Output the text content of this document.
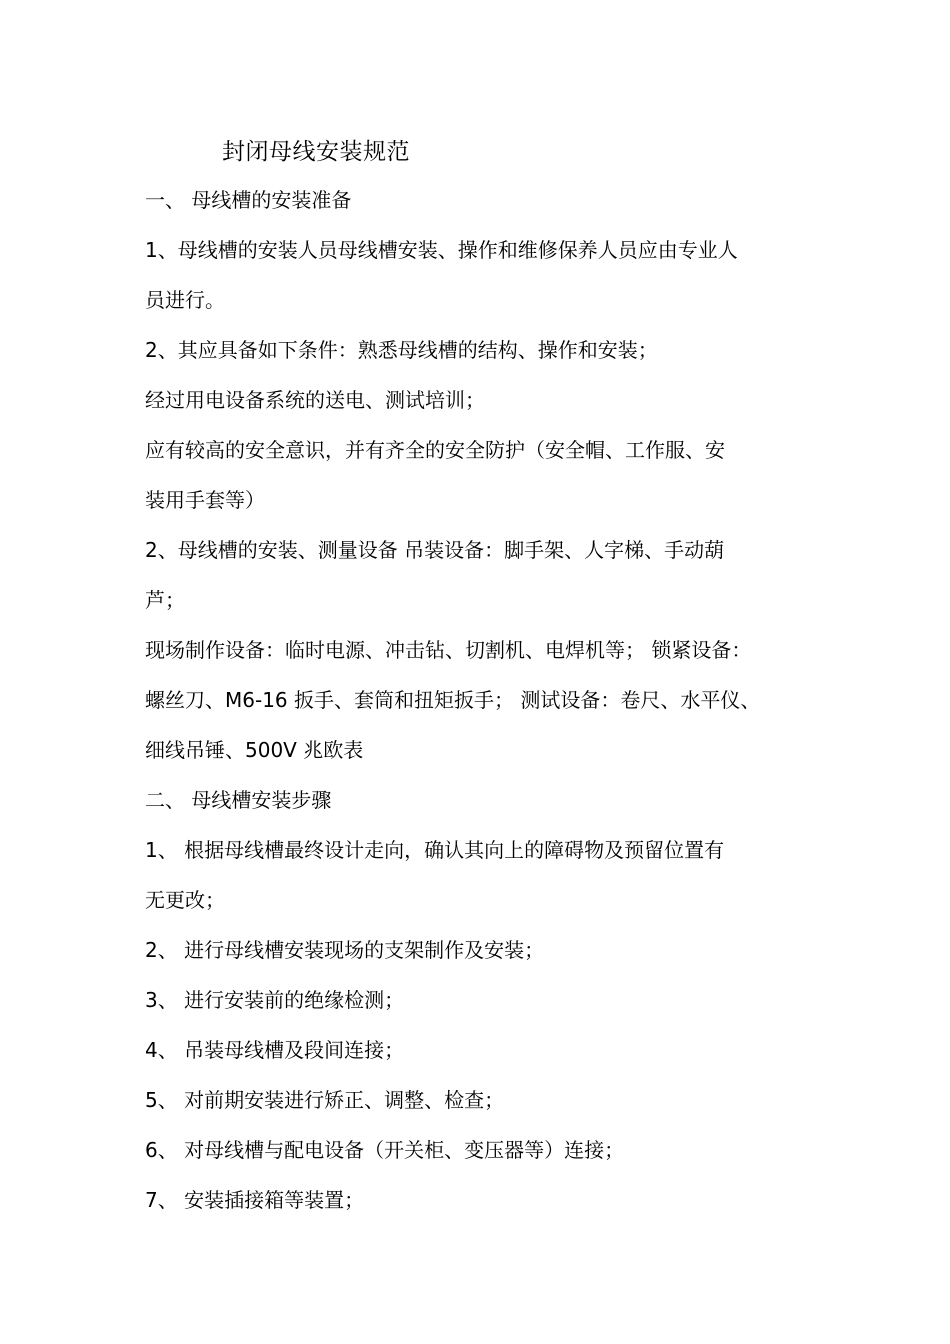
封闭母线安装规范
一、 母线槽的安装准备
1、母线槽的安装人员母线槽安装、操作和维修保养人员应由专业人
员进行。
2、其应具备如下条件：熟悉母线槽的结构、操作和安装；
经过用电设备系统的送电、测试培训；
应有较高的安全意识，并有齐全的安全防护（安全帽、工作服、安
装用手套等）
2、母线槽的安装、测量设备 吊装设备：脚手架、人字梯、手动葫
芦；
现场制作设备：临时电源、冲击钻、切割机、电焊机等； 锁紧设备：
螺丝刀、M6-16 扳手、套筒和扭矩扳手； 测试设备：卷尺、水平仪、
细线吊锤、500V 兆欧表
二、 母线槽安装步骤
1、 根据母线槽最终设计走向，确认其向上的障碍物及预留位置有
无更改；
2、 进行母线槽安装现场的支架制作及安装；
3、 进行安装前的绝缘检测；
4、 吊装母线槽及段间连接；
5、 对前期安装进行矫正、调整、检查；
6、 对母线槽与配电设备（开关柜、变压器等）连接；
7、 安装插接箱等装置；
